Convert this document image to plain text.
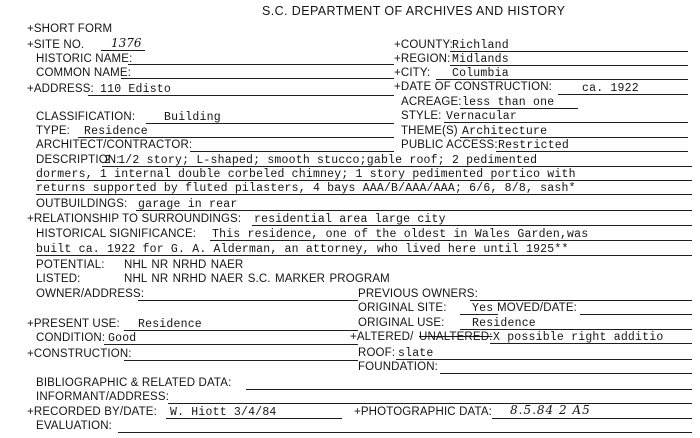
S.C. DEPARTMENT OF ARCHIVES AND HISTORY
+SHORT FORM
+SITE NO. 1376
HISTORIC NAME:
COMMON NAME:
+ADDRESS: 110 Edisto
+COUNTY:
Richland
+REGION: Midlands
+CITY: Columbia
+DATE OF CONSTRUCTION:	ca. 1922
ACREAGE: less than one
CLASSIFICATION:	Building	STYLE: Vernacular
TYPE: Residence	THEME(S) Architecture
ARCHITECT/CONTRACTOR:	PUBLIC ACCESS: Restricted
DESCRIPTION:
2 1/2 story; L-shaped; smooth stucco;gable roof; 2 pedimented
dormers, 1 internal double corbeled chimney; 1 story pedimented portico with
returns supported by fluted pilasters, 4 bays AAA/B/AAA/AAA; 6/6, 8/8, sash*
OUTBUILDINGS: garage in rear
+RELATIONSHIP TO SURROUNDINGS: residential area large city
HISTORICAL SIGNIFICANCE: This residence, one of the oldest in Wales Garden,was
built ca. 1922 for G. A. Alderman, an attorney, who lived here until 1925**
POTENTIAL: NHL NR NRHD NAER
LISTED:	NHL NR NRHD NAER S.C. MARKER PROGRAM
OWNER/ADDRESS:	PREVIOUS OWNERS:
ORIGINAL SITE: Yes MOVED/DATE:
+PRESENT USE: Residence	ORIGINAL USE: Residence
CONDITION: Good	+ALTERED/ UNALTERED: X possible right additio
+CONSTRUCTION:	ROOF: slate
FOUNDATION:
BIBLIOGRAPHIC & RELATED DATA:
INFORMANT/ADDRESS:
+RECORDED BY/DATE: W. Hiott 3/4/84	+PHOTOGRAPHIC DATA: 8.5.84 2 A5
EVALUATION:
